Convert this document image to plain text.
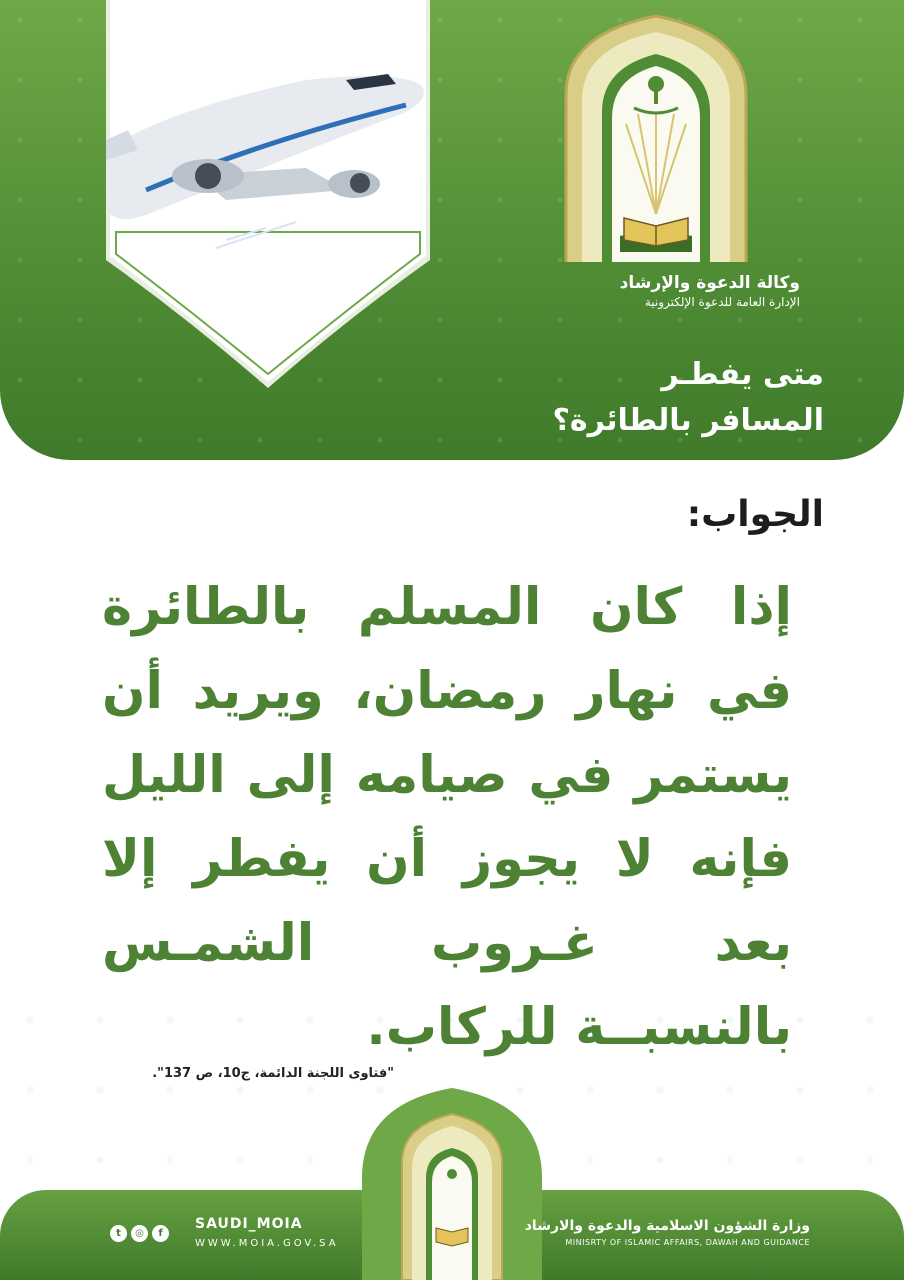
وكالة الدعوة والإرشاد
الإدارة العامة للدعوة الإلكترونية
متى يفطـر
المسافر بالطائرة؟
الجواب:
إذا كان المسلم بالطائرة في نهار رمضان، ويريد أن يستمر في صيامه إلى الليل فإنه لا يجوز أن يفطر إلا بعد غـروب الشمـس بالنسبــة للركاب.
"فتاوى اللجنة الدائمة، ج10، ص 137".
t	◎	f
SAUDI_MOIA
WWW.MOIA.GOV.SA
وزارة الشؤون الاسلامية والدعوة والارشاد
MINISRTY OF ISLAMIC AFFAIRS, DAWAH AND GUIDANCE
